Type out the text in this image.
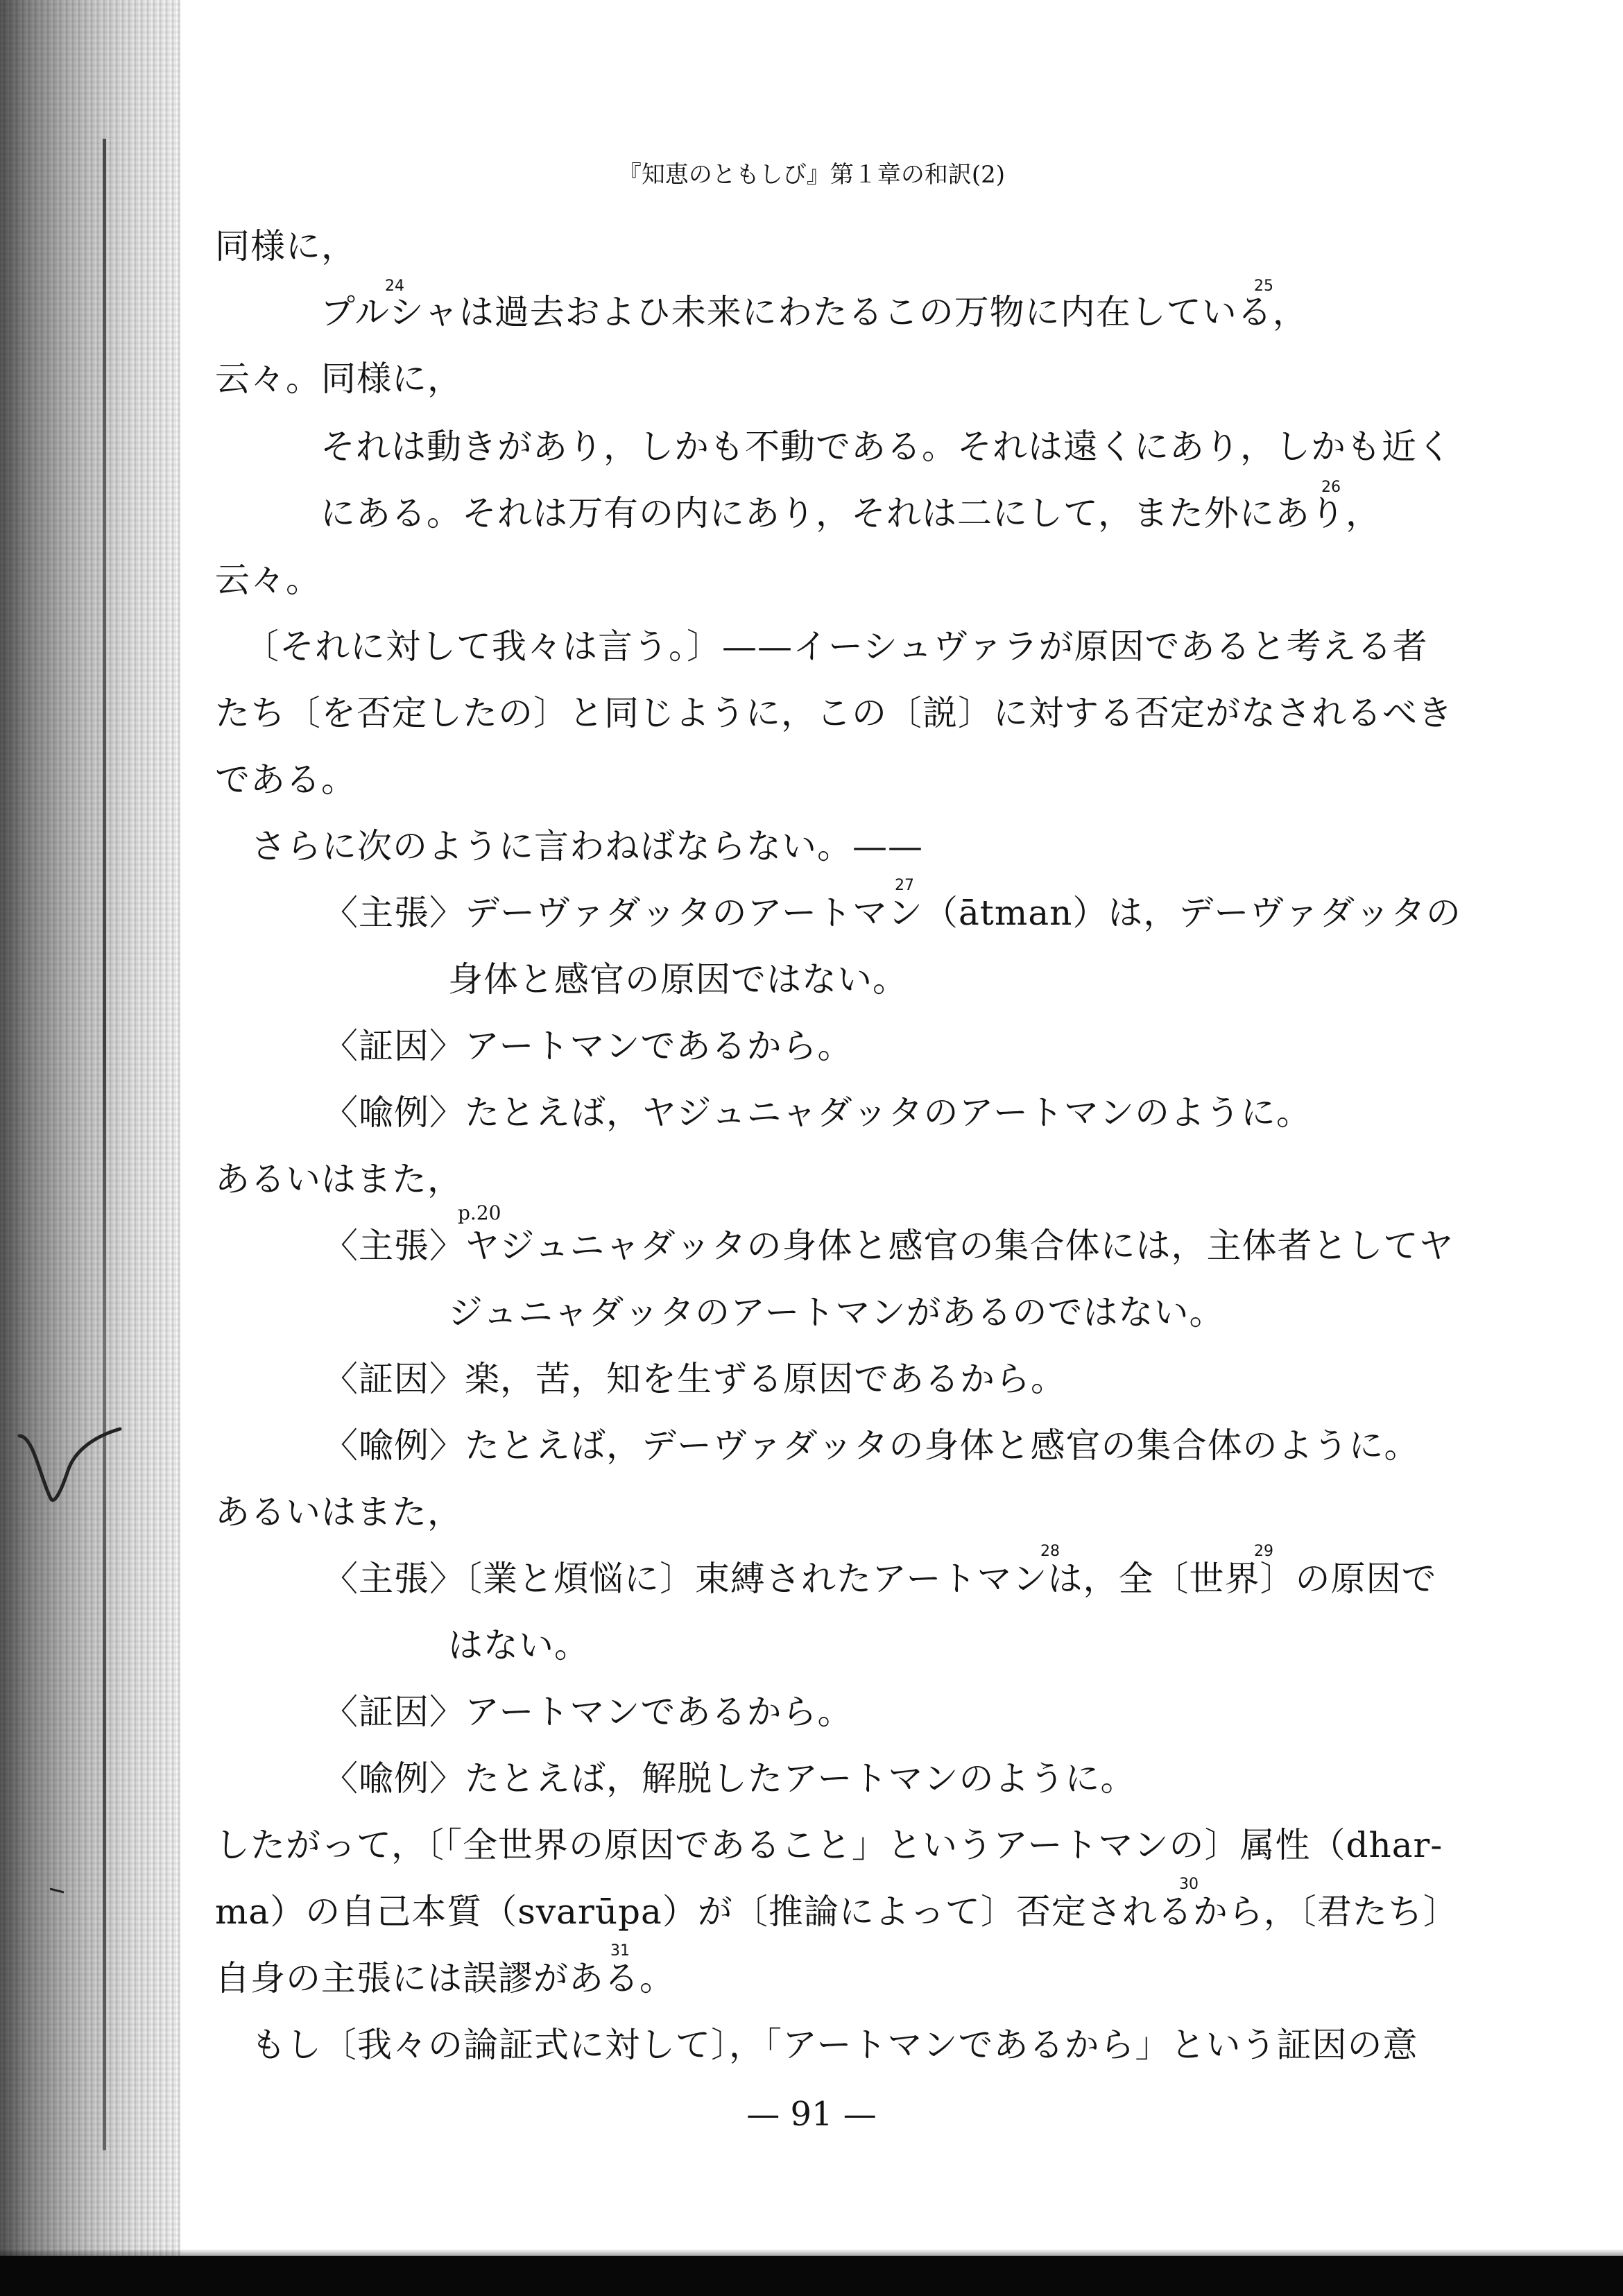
『知恵のともしび』第１章の和訳(2)
同様に，
プルシャは過去およひ未来にわたるこの万物に内在している，
云々。同様に，
それは動きがあり，しかも不動である。それは遠くにあり，しかも近く
にある。それは万有の内にあり，それは二にして，また外にあり，
云々。
〔それに対して我々は言う。〕——イーシュヴァラが原因であると考える者
たち〔を否定したの〕と同じように，この〔説〕に対する否定がなされるべき
である。
さらに次のように言わねばならない。——
〈主張〉デーヴァダッタのアートマン（ātman）は，デーヴァダッタの
身体と感官の原因ではない。
〈証因〉アートマンであるから。
〈喩例〉たとえば，ヤジュニャダッタのアートマンのように。
あるいはまた，
〈主張〉ヤジュニャダッタの身体と感官の集合体には，主体者としてヤ
ジュニャダッタのアートマンがあるのではない。
〈証因〉楽，苦，知を生ずる原因であるから。
〈喩例〉たとえば，デーヴァダッタの身体と感官の集合体のように。
あるいはまた，
〈主張〉〔業と煩悩に〕束縛されたアートマンは，全〔世界〕の原因で
はない。
〈証因〉アートマンであるから。
〈喩例〉たとえば，解脱したアートマンのように。
したがって，〔「全世界の原因であること」というアートマンの〕属性（dhar-
ma）の自己本質（svarūpa）が〔推論によって〕否定されるから，〔君たち〕
自身の主張には誤謬がある。
もし〔我々の論証式に対して〕，「アートマンであるから」という証因の意
24	25
26
27
28	29
30
31
p.20
— 91 —
